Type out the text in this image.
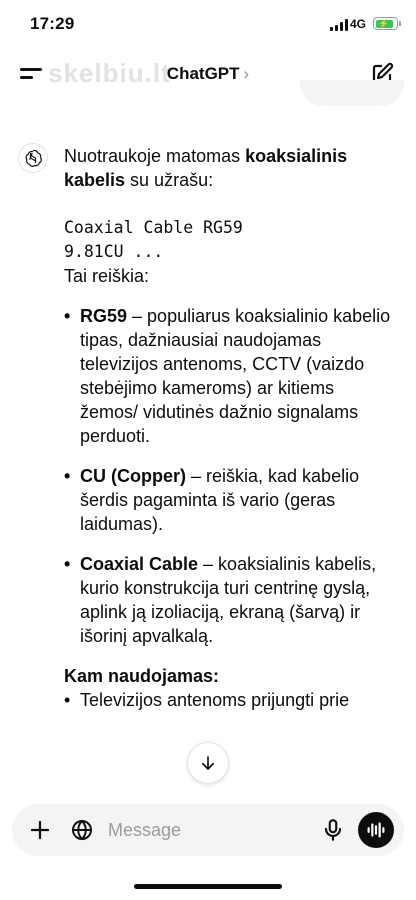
17:29	4G ⚡
skelbiu.lt
ChatGPT ›

Nuotraukoje matomas koaksialinis kabelis su užrašu:

Coaxial Cable RG59
9.81CU ...

Tai reiškia:

• RG59 – populiarus koaksialinio kabelio tipas, dažniausiai naudojamas televizijos antenoms, CCTV (vaizdo stebėjimo kameroms) ar kitiems žemos/ vidutinės dažnio signalams perduoti.
• CU (Copper) – reiškia, kad kabelio šerdis pagaminta iš vario (geras laidumas).
• Coaxial Cable – koaksialinis kabelis, kurio konstrukcija turi centrinę gyslą, aplink ją izoliaciją, ekraną (šarvą) ir išorinį apvalkalą.

Kam naudojamas:

• Televizijos antenoms prijungti prie

Message
